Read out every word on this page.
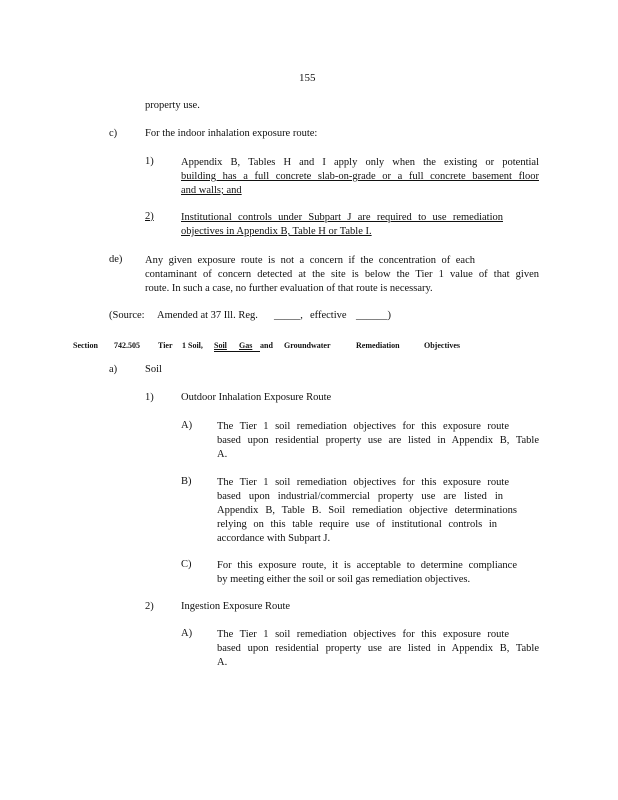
155
property use.
c)	For the indoor inhalation exposure route:
1)	Appendix B, Tables H and I apply only when the existing or potential
building has a full concrete slab-on-grade or a full concrete basement floor
and walls; and
2)	Institutional controls under Subpart J are required to use remediation
objectives in Appendix B, Table H or Table I.
de) Any given exposure route is not a concern if the concentration of each
contaminant of concern detected at the site is below the Tier 1 value of that given
route. In such a case, no further evaluation of that route is necessary.
(Source: Amended at 37 Ill. Reg. _____, effective ______)
Section 742.505 Tier 1 Soil, Soil Gas and Groundwater	Remediation	Objectives
a)	Soil
1)	Outdoor Inhalation Exposure Route
A) The Tier 1 soil remediation objectives for this exposure route
based upon residential property use are listed in Appendix B, Table
A.
B) The Tier 1 soil remediation objectives for this exposure route
based upon industrial/commercial property use are listed in
Appendix B, Table B. Soil remediation objective determinations
relying on this table require use of institutional controls in
accordance with Subpart J.
C) For this exposure route, it is acceptable to determine compliance
by meeting either the soil or soil gas remediation objectives.
2)	Ingestion Exposure Route
A) The Tier 1 soil remediation objectives for this exposure route
based upon residential property use are listed in Appendix B, Table
A.
